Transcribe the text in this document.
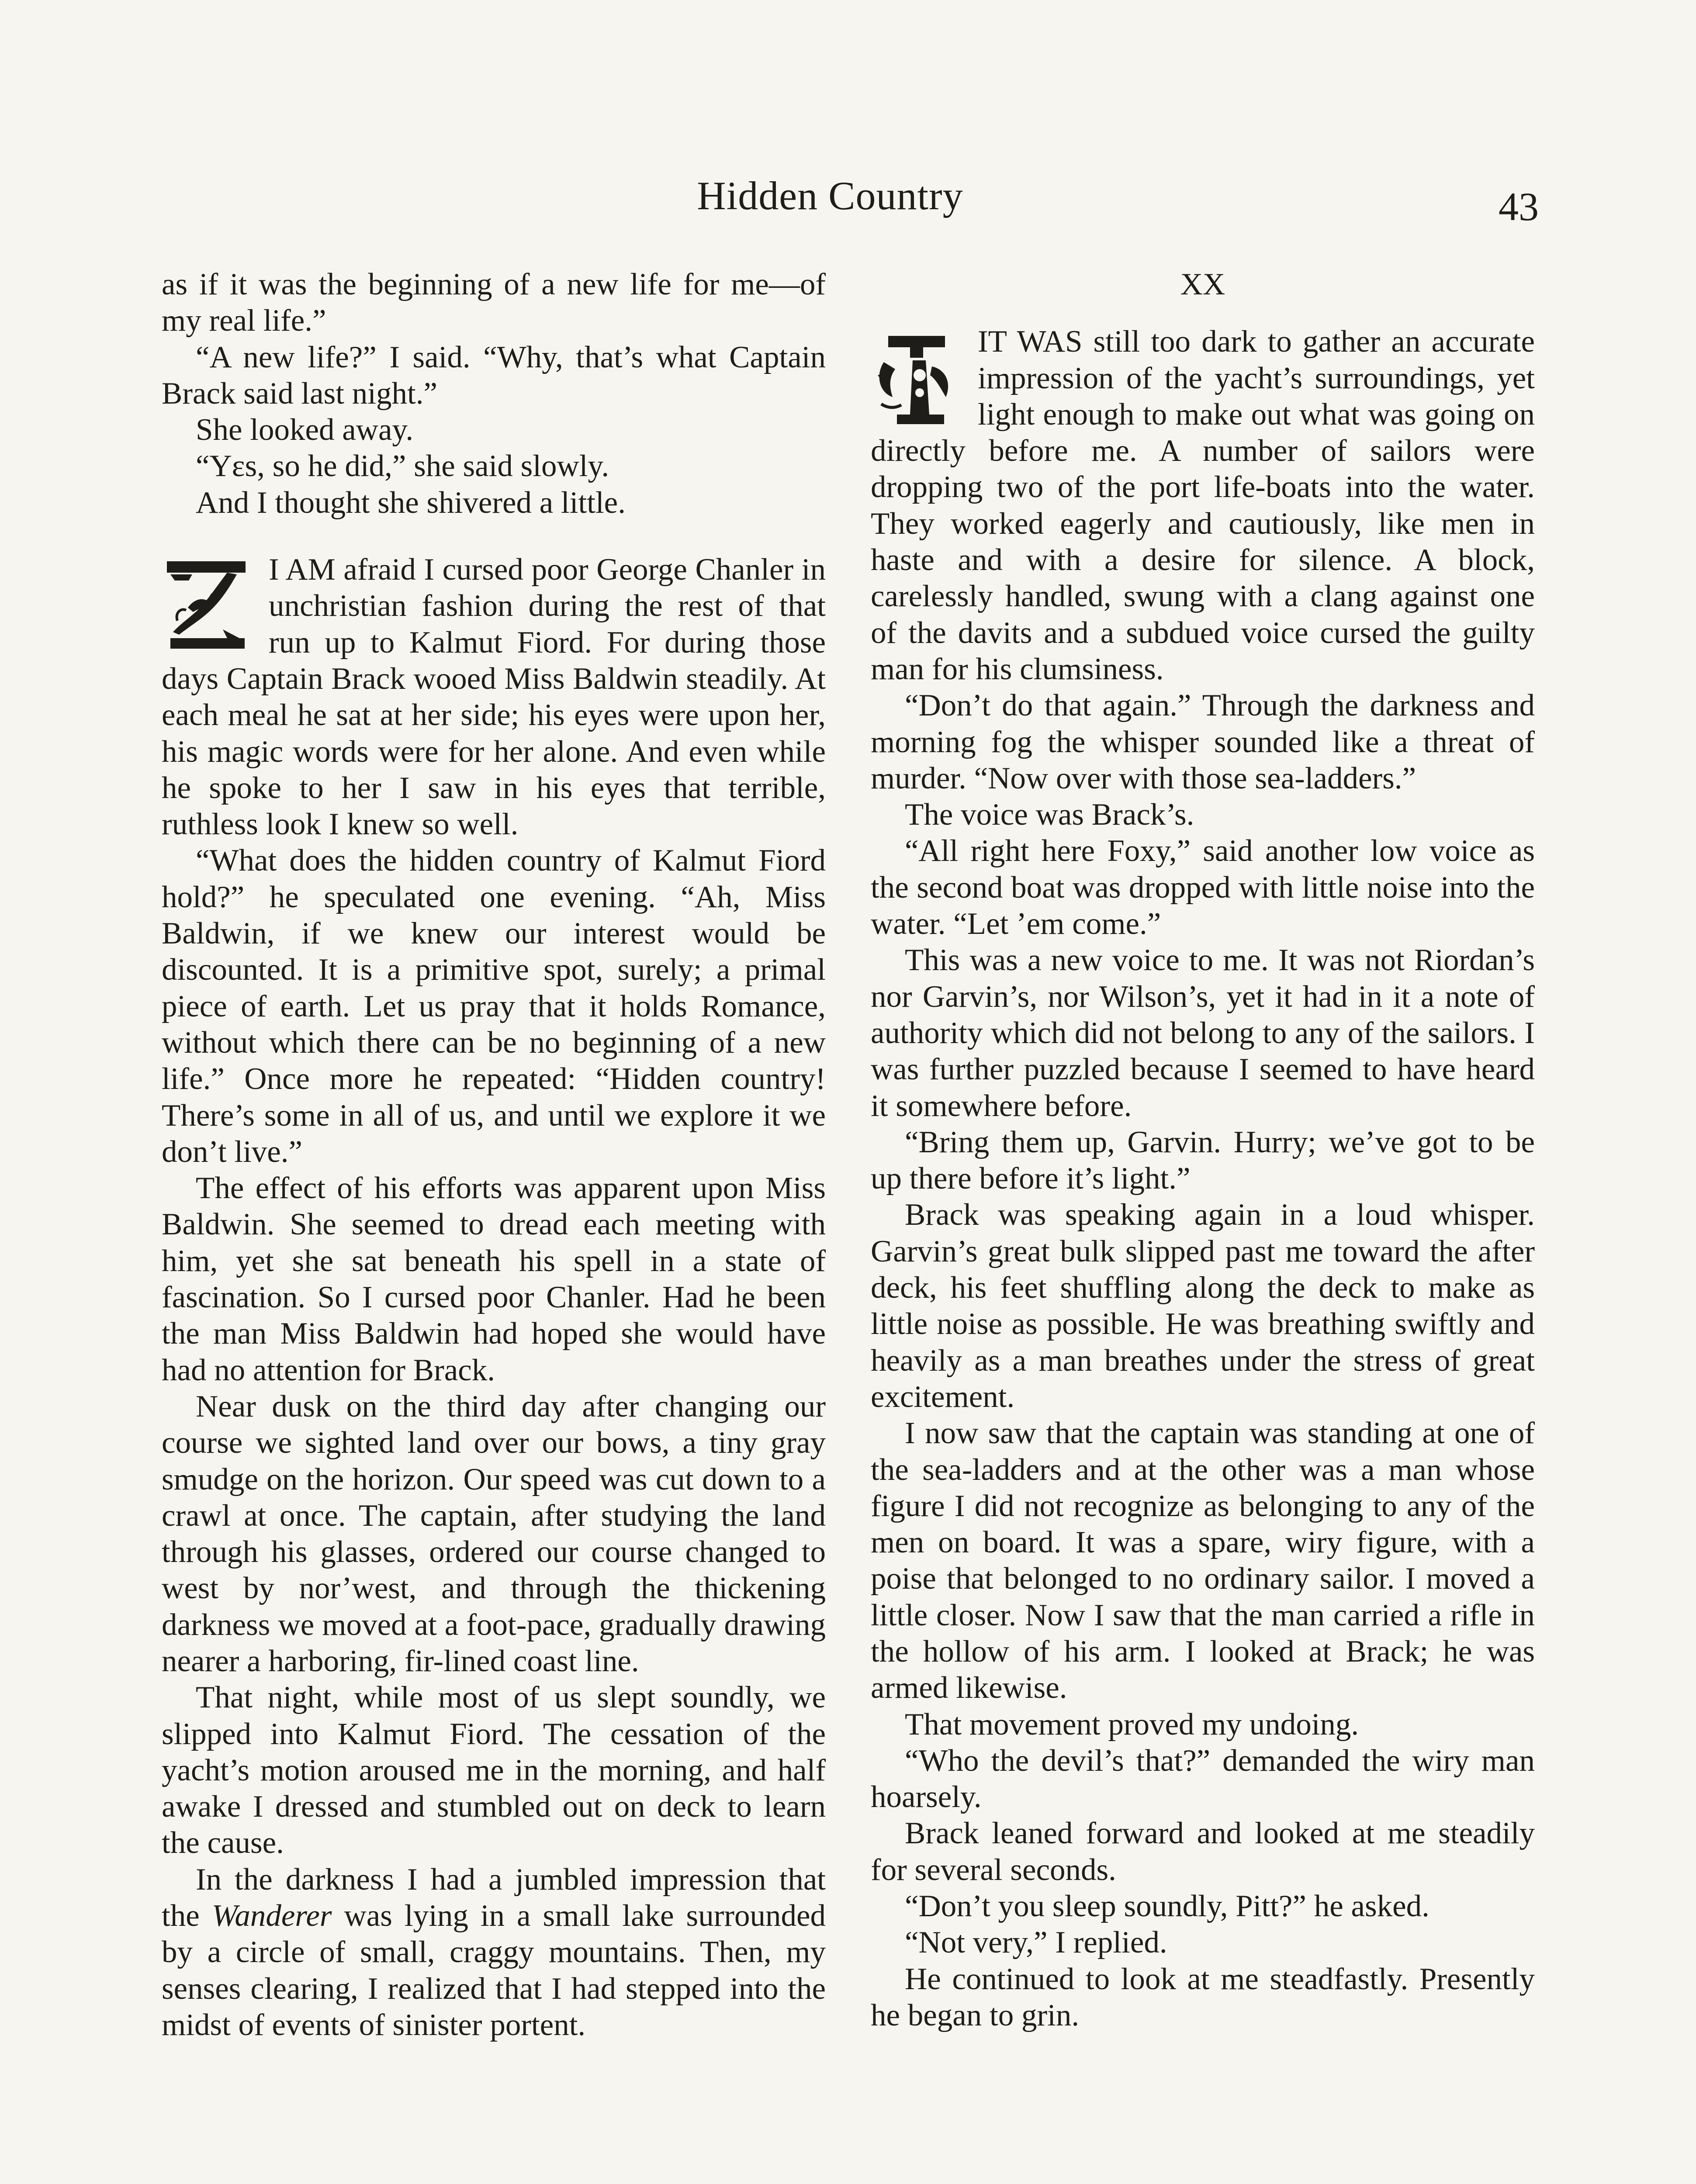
Hidden Country	43

as if it was the beginning of a new life for me—of my real life.”

“A new life?” I said. “Why, that’s what Captain Brack said last night.”

She looked away.

“Yεs, so he did,” she said slowly.

And I thought she shivered a little.

I AM afraid I cursed poor George Chanler in unchristian fashion during the rest of that run up to Kalmut Fiord. For during those days Captain Brack wooed Miss Baldwin steadily. At each meal he sat at her side; his eyes were upon her, his magic words were for her alone. And even while he spoke to her I saw in his eyes that terrible, ruthless look I knew so well.

“What does the hidden country of Kalmut Fiord hold?” he speculated one evening. “Ah, Miss Baldwin, if we knew our interest would be discounted. It is a primitive spot, surely; a primal piece of earth. Let us pray that it holds Romance, without which there can be no beginning of a new life.” Once more he repeated: “Hidden country! There’s some in all of us, and until we explore it we don’t live.”

The effect of his efforts was apparent upon Miss Baldwin. She seemed to dread each meeting with him, yet she sat beneath his spell in a state of fascination. So I cursed poor Chanler. Had he been the man Miss Baldwin had hoped she would have had no attention for Brack.

Near dusk on the third day after changing our course we sighted land over our bows, a tiny gray smudge on the horizon. Our speed was cut down to a crawl at once. The captain, after studying the land through his glasses, ordered our course changed to west by nor’west, and through the thickening darkness we moved at a foot-pace, gradually drawing nearer a harboring, fir-lined coast line.

That night, while most of us slept soundly, we slipped into Kalmut Fiord. The cessation of the yacht’s motion aroused me in the morning, and half awake I dressed and stumbled out on deck to learn the cause.

In the darkness I had a jumbled impression that the Wanderer was lying in a small lake surrounded by a circle of small, craggy mountains. Then, my senses clearing, I realized that I had stepped into the midst of events of sinister portent.

XX

IT WAS still too dark to gather an accurate impression of the yacht’s surroundings, yet light enough to make out what was going on directly before me. A number of sailors were dropping two of the port life-boats into the water. They worked eagerly and cautiously, like men in haste and with a desire for silence. A block, carelessly handled, swung with a clang against one of the davits and a subdued voice cursed the guilty man for his clumsiness.

“Don’t do that again.” Through the darkness and morning fog the whisper sounded like a threat of murder. “Now over with those sea-ladders.”

The voice was Brack’s.

“All right here Foxy,” said another low voice as the second boat was dropped with little noise into the water. “Let ’em come.”

This was a new voice to me. It was not Riordan’s nor Garvin’s, nor Wilson’s, yet it had in it a note of authority which did not belong to any of the sailors. I was further puzzled because I seemed to have heard it somewhere before.

“Bring them up, Garvin. Hurry; we’ve got to be up there before it’s light.”

Brack was speaking again in a loud whisper. Garvin’s great bulk slipped past me toward the after deck, his feet shuffling along the deck to make as little noise as possible. He was breathing swiftly and heavily as a man breathes under the stress of great excitement.

I now saw that the captain was standing at one of the sea-ladders and at the other was a man whose figure I did not recognize as belonging to any of the men on board. It was a spare, wiry figure, with a poise that belonged to no ordinary sailor. I moved a little closer. Now I saw that the man carried a rifle in the hollow of his arm. I looked at Brack; he was armed likewise.

That movement proved my undoing.

“Who the devil’s that?” demanded the wiry man hoarsely.

Brack leaned forward and looked at me steadily for several seconds.

“Don’t you sleep soundly, Pitt?” he asked.

“Not very,” I replied.

He continued to look at me steadfastly. Presently he began to grin.
